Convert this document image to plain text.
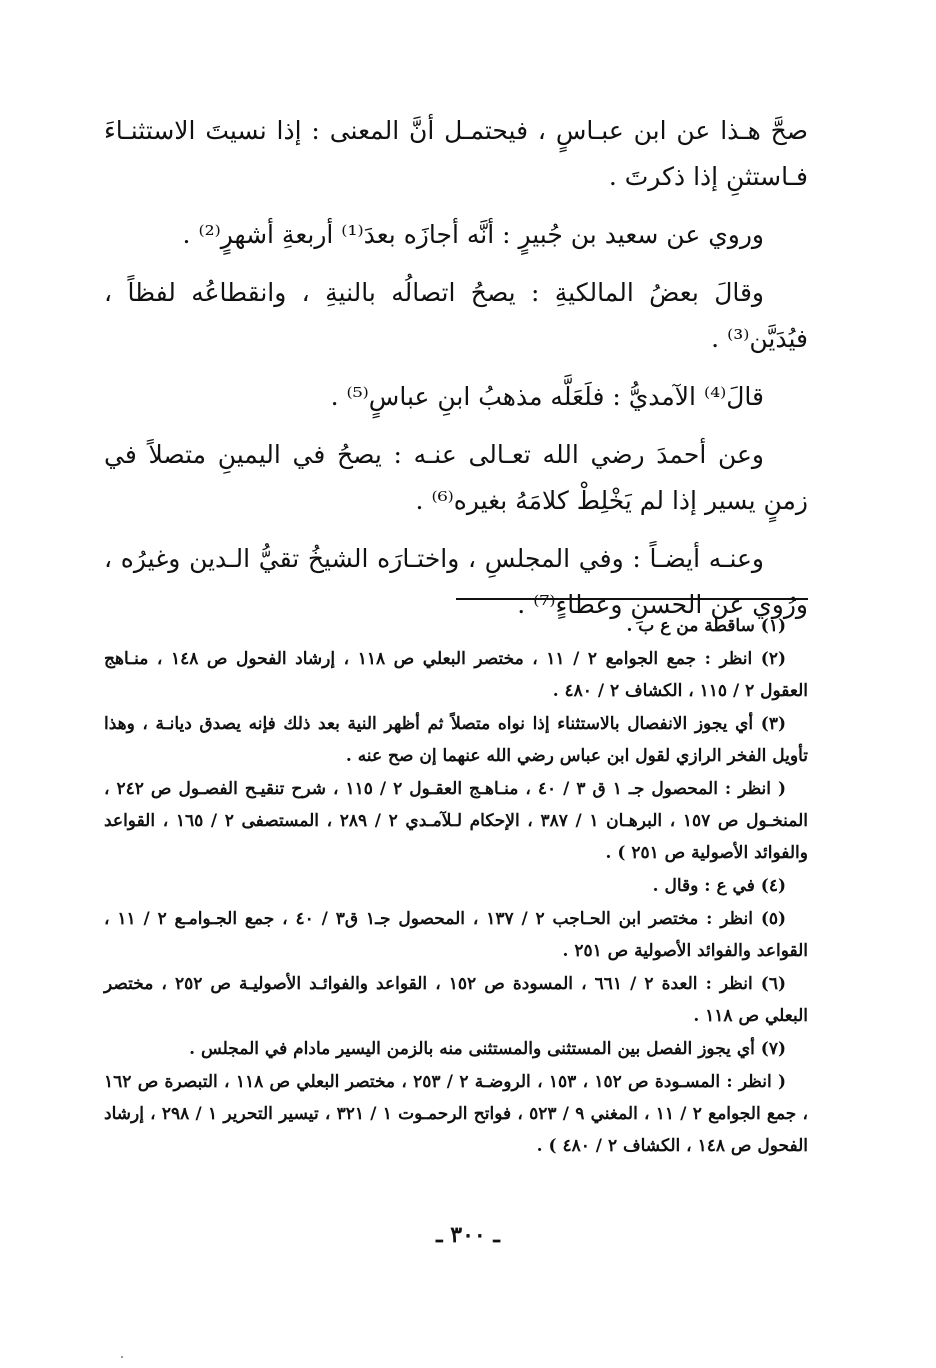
صحَّ هـذا عن ابن عبـاسٍ ، فيحتمـل أنَّ المعنى : إذا نسيتَ الاستثنـاءَ فـاستثنِ إذا ذكرتَ .

وروي عن سعيد بن جُبيرٍ : أنَّه أجازَه بعدَ⁽¹⁾ أربعةِ أشهرٍ⁽²⁾ .

وقالَ بعضُ المالكيةِ : يصحُ اتصالُه بالنيةِ ، وانقطاعُه لفظاً ، فيُدَيَّن⁽³⁾ .

قالَ⁽⁴⁾ الآمديُّ : فلَعَلَّه مذهبُ ابنِ عباسٍ⁽⁵⁾ .

وعن أحمدَ رضي الله تعـالى عنـه : يصحُ في اليمينِ متصلاً في زمنٍ يسير إذا لم يَخْلِطْ كلامَهُ بغيره⁽⁶⁾ .

وعنـه أيضـاً : وفي المجلسِ ، واختـارَه الشيخُ تقيُّ الـدين وغيرُه ، ورُوي عن الحسنِ وعطاءٍ⁽⁷⁾ .

(١) ساقطة من ع ب .

(٢) انظر : جمع الجوامع ٢ / ١١ ، مختصر البعلي ص ١١٨ ، إرشاد الفحول ص ١٤٨ ، منـاهج العقول ٢ / ١١٥ ، الكشاف ٢ / ٤٨٠ .

(٣) أي يجوز الانفصال بالاستثناء إذا نواه متصلاً ثم أظهر النية بعد ذلك فإنه يصدق ديانـة ، وهذا تأويل الفخر الرازي لقول ابن عباس رضي الله عنهما إن صح عنه .

( انظر : المحصول جـ ١ ق ٣ / ٤٠ ، منـاهـج العقـول ٢ / ١١٥ ، شرح تنقيـح الفصـول ص ٢٤٢ ، المنخـول ص ١٥٧ ، البرهـان ١ / ٣٨٧ ، الإحكام لـلآمـدي ٢ / ٢٨٩ ، المستصفى ٢ / ١٦٥ ، القواعد والفوائد الأصولية ص ٢٥١ ) .

(٤) في ع : وقال .

(٥) انظر : مختصر ابن الحـاجب ٢ / ١٣٧ ، المحصول جـ١ ق٣ / ٤٠ ، جمع الجـوامـع ٢ / ١١ ، القواعد والفوائد الأصولية ص ٢٥١ .

(٦) انظر : العدة ٢ / ٦٦١ ، المسودة ص ١٥٢ ، القواعد والفوائـد الأصوليـة ص ٢٥٢ ، مختصر البعلي ص ١١٨ .

(٧) أي يجوز الفصل بين المستثنى والمستثنى منه بالزمن اليسير مادام في المجلس .

( انظر : المسـودة ص ١٥٢ ، ١٥٣ ، الروضـة ٢ / ٢٥٣ ، مختصر البعلي ص ١١٨ ، التبصرة ص ١٦٢ ، جمع الجوامع ٢ / ١١ ، المغني ٩ / ٥٢٣ ، فواتح الرحمـوت ١ / ٣٢١ ، تيسير التحرير ١ / ٢٩٨ ، إرشاد الفحول ص ١٤٨ ، الكشاف ٢ / ٤٨٠ ) .

ـ ٣٠٠ ـ
